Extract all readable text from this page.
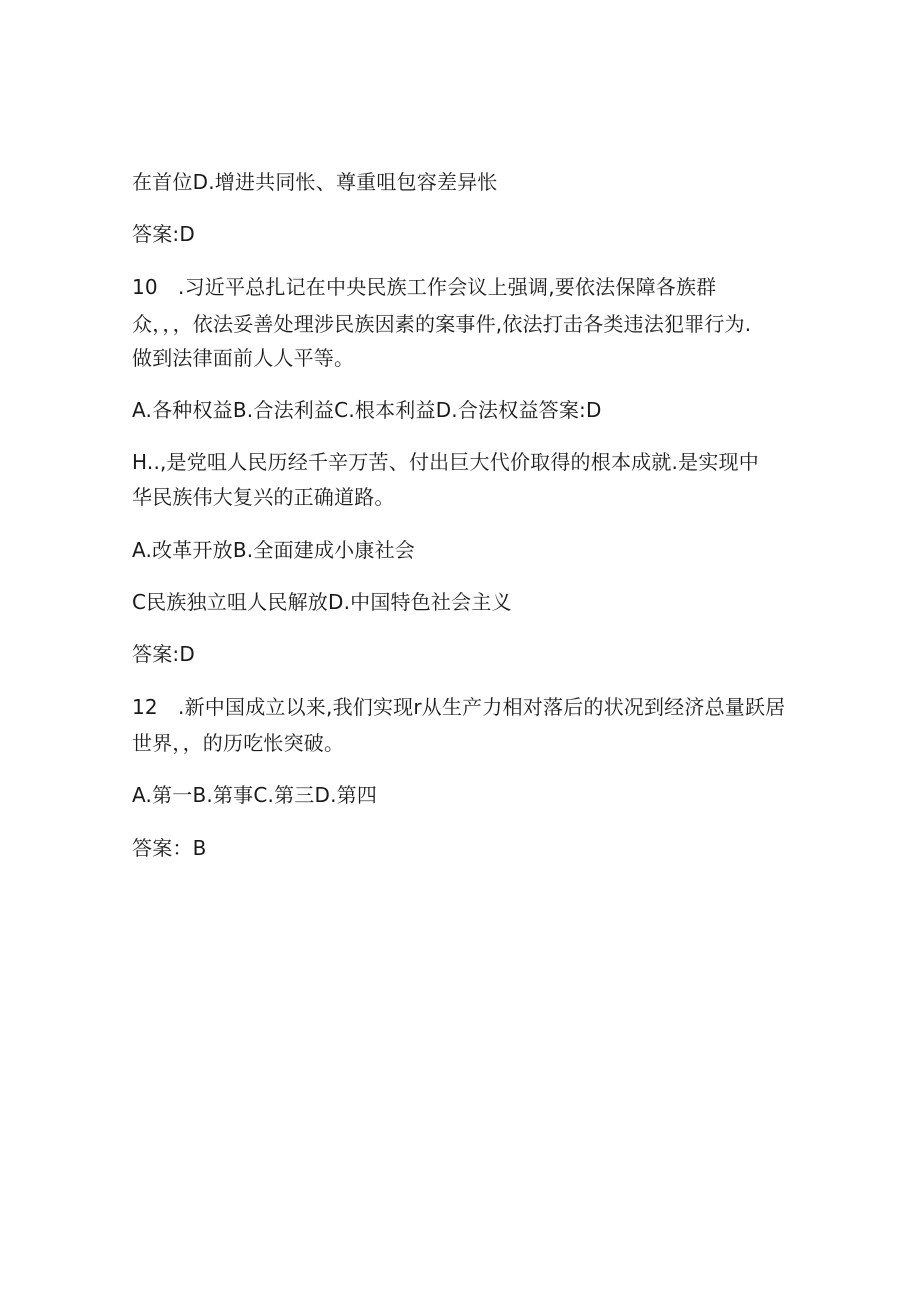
在首位D.增进共同怅、尊重咀包容差异怅

答案:D

10　.习近平总扎记在中央民族工作会议上强调,要依法保障各族群

众，，，依法妥善处理涉民族因素的案事件,依法打击各类违法犯罪行为.

做到法律面前人人平等。

A.各种权益B.合法利益C.根本利益D.合法权益答案:D

H..,是党咀人民历经千辛万苦、付出巨大代价取得的根本成就.是实现中

华民族伟大复兴的正确道路。

A.改革开放B.全面建成小康社会

C民族独立咀人民解放D.中国特色社会主义

答案:D

12　.新中国成立以来,我们实现r从生产力相对落后的状况到经济总量跃居

世界，，的历吃怅突破。

A.第一B.第事C.第三D.第四

答案：B
